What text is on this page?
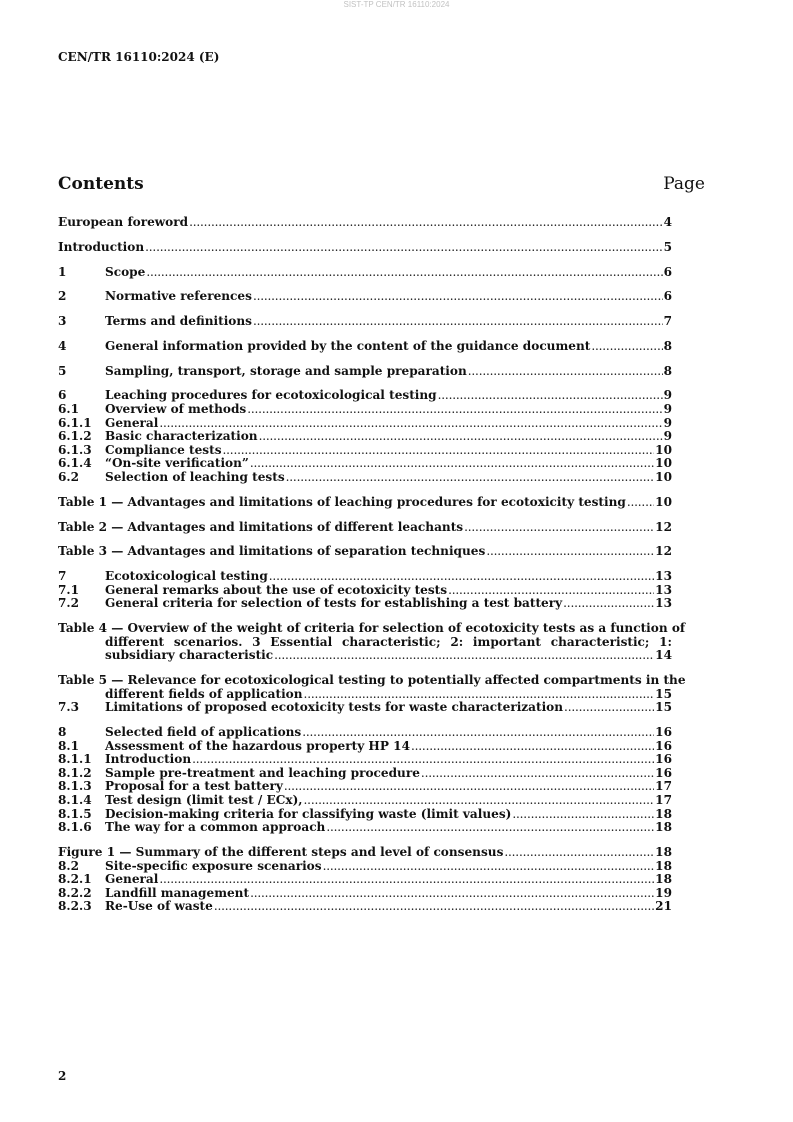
SIST-TP CEN/TR 16110:2024
CEN/TR 16110:2024 (E)
Contents	Page
European foreword .....	4
Introduction .....	5
1	Scope .....	6
2	Normative references .....	6
3	Terms and definitions .....	7
4	General information provided by the content of the guidance document .....	8
5	Sampling, transport, storage and sample preparation .....	8
6	Leaching procedures for ecotoxicological testing .....	9
6.1	Overview of methods .....	9
6.1.1	General .....	9
6.1.2	Basic characterization .....	9
6.1.3	Compliance tests .....	10
6.1.4	“On-site verification” .....	10
6.2	Selection of leaching tests .....	10
Table 1 — Advantages and limitations of leaching procedures for ecotoxicity testing ..... 10
Table 2 — Advantages and limitations of different leachants .....	12
Table 3 — Advantages and limitations of separation techniques .....	12
7	Ecotoxicological testing .....	13
7.1	General remarks about the use of ecotoxicity tests .....	13
7.2	General criteria for selection of tests for establishing a test battery .....	13
Table 4 — Overview of the weight of criteria for selection of ecotoxicity tests as a function of
different scenarios. 3 Essential characteristic; 2: important characteristic; 1:
subsidiary characteristic .....	14
Table 5 — Relevance for ecotoxicological testing to potentially affected compartments in the
different fields of application .....	15
7.3	Limitations of proposed ecotoxicity tests for waste characterization .....	15
8	Selected field of applications .....	16
8.1	Assessment of the hazardous property HP 14 .....	16
8.1.1	Introduction .....	16
8.1.2	Sample pre-treatment and leaching procedure .....	16
8.1.3	Proposal for a test battery .....	17
8.1.4	Test design (limit test / ECx), .....	17
8.1.5	Decision-making criteria for classifying waste (limit values) .....	18
8.1.6	The way for a common approach .....	18
Figure 1 — Summary of the different steps and level of consensus .....	18
8.2	Site-specific exposure scenarios .....	18
8.2.1	General .....	18
8.2.2	Landfill management .....	19
8.2.3	Re-Use of waste .....	21
2
